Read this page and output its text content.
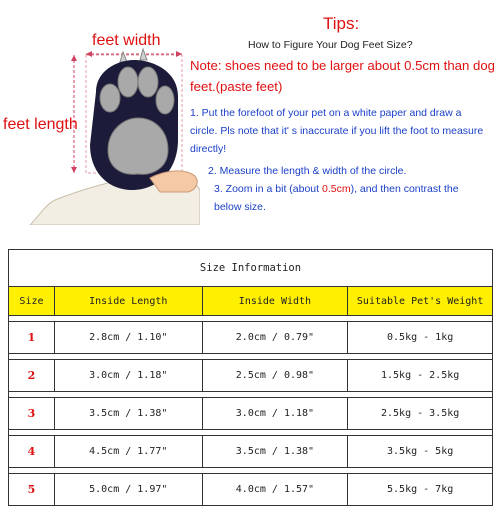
feet width
feet length
Tips:
How to Figure Your Dog Feet Size?
Note: shoes need to be larger about 0.5cm than dog feet.(paste feet)
1. Put the forefoot of your pet on a white paper and draw a circle. Pls note that it' s inaccurate if you lift the foot to measure directly!
2. Measure the length & width of the circle.
3. Zoom in a bit (about 0.5cm), and then contrast the below size.
Size Information			
Size	Inside Length	Inside Width	Suitable Pet's Weight

1	2.8cm / 1.10"	2.0cm / 0.79"	0.5kg - 1kg

2	3.0cm / 1.18"	2.5cm / 0.98"	1.5kg - 2.5kg

3	3.5cm / 1.38"	3.0cm / 1.18"	2.5kg - 3.5kg

4	4.5cm / 1.77"	3.5cm / 1.38"	3.5kg - 5kg

5	5.0cm / 1.97"	4.0cm / 1.57"	5.5kg - 7kg
